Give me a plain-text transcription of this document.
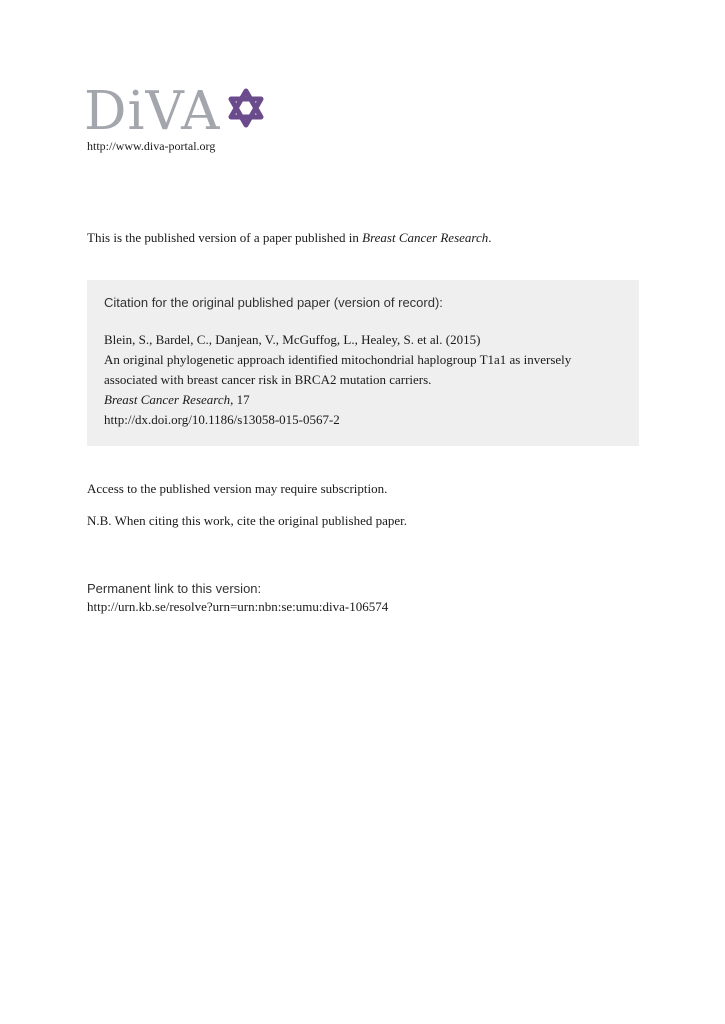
DiVA
http://www.diva-portal.org
This is the published version of a paper published in Breast Cancer Research.
Citation for the original published paper (version of record):
Blein, S., Bardel, C., Danjean, V., McGuffog, L., Healey, S. et al. (2015)
An original phylogenetic approach identified mitochondrial haplogroup T1a1 as inversely
associated with breast cancer risk in BRCA2 mutation carriers.
Breast Cancer Research, 17
http://dx.doi.org/10.1186/s13058-015-0567-2
Access to the published version may require subscription.
N.B. When citing this work, cite the original published paper.
Permanent link to this version:
http://urn.kb.se/resolve?urn=urn:nbn:se:umu:diva-106574
